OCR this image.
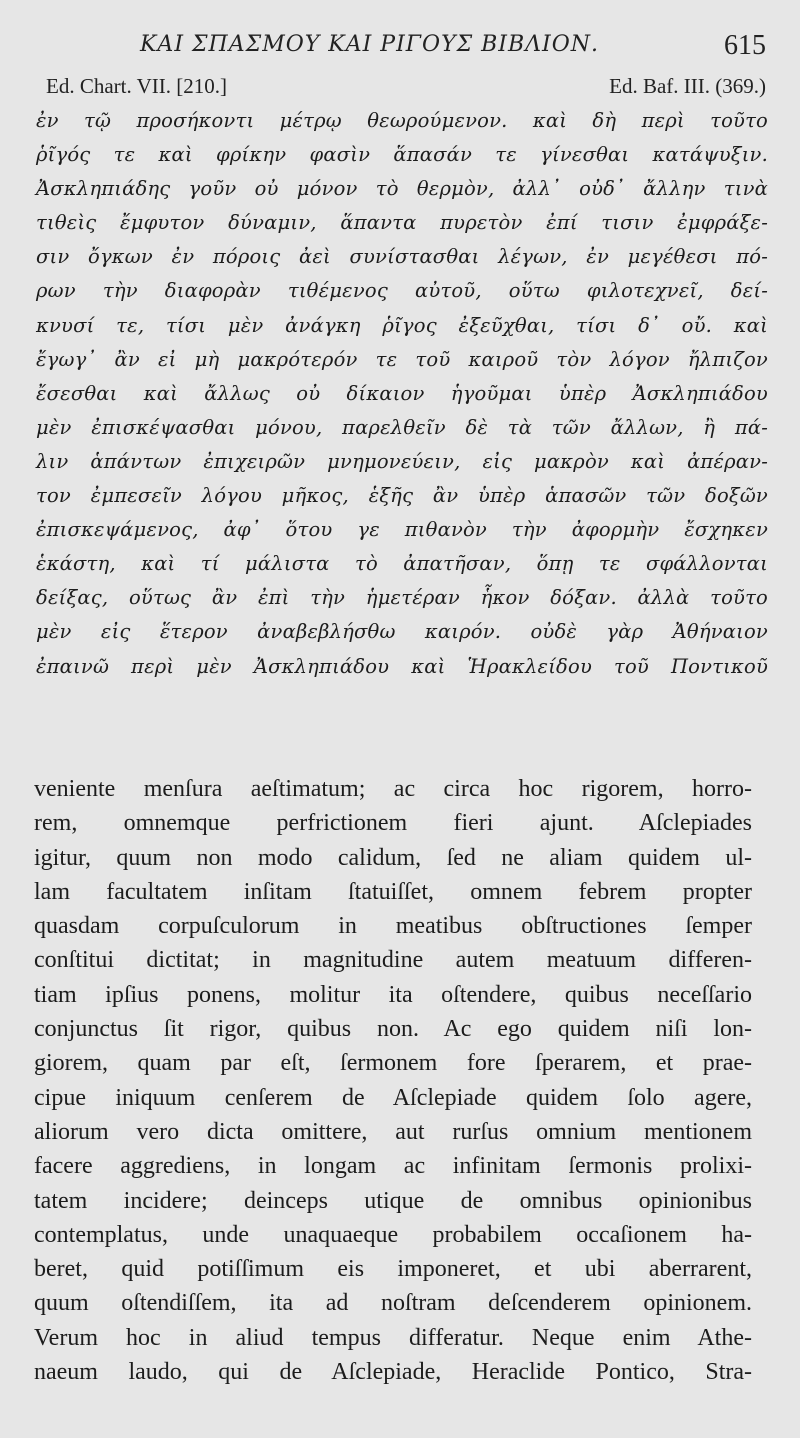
ΚΑΙ ΣΠΑΣΜΟΥ ΚΑΙ ΡΙΓΟΥΣ ΒΙΒΛΙΟΝ.	615
Ed. Chart. VII. [210.]	Ed. Baf. III. (369.)
ἐν τῷ προσήκοντι μέτρῳ θεωρούμενον. καὶ δὴ περὶ τοῦτο
ῥῖγός τε καὶ φρίκην φασὶν ἅπασάν τε γίνεσθαι κατάψυξιν.
Ἀσκληπιάδης γοῦν οὐ μόνον τὸ θερμὸν, ἀλλ᾽ οὐδ᾽ ἄλλην τινὰ
τιθεὶς ἔμφυτον δύναμιν, ἅπαντα πυρετὸν ἐπί τισιν ἐμφράξε-
σιν ὄγκων ἐν πόροις ἀεὶ συνίστασθαι λέγων, ἐν μεγέθεσι πό-
ρων τὴν διαφορὰν τιθέμενος αὐτοῦ, οὕτω φιλοτεχνεῖ, δεί-
κνυσί τε, τίσι μὲν ἀνάγκη ῥῖγος ἐξεῦχθαι, τίσι δ᾽ οὔ. καὶ
ἔγωγ᾽ ἂν εἰ μὴ μακρότερόν τε τοῦ καιροῦ τὸν λόγον ἤλπιζον
ἔσεσθαι καὶ ἄλλως οὐ δίκαιον ἡγοῦμαι ὑπὲρ Ἀσκληπιάδου
μὲν ἐπισκέψασθαι μόνου, παρελθεῖν δὲ τὰ τῶν ἄλλων, ἢ πά-
λιν ἁπάντων ἐπιχειρῶν μνημονεύειν, εἰς μακρὸν καὶ ἀπέραν-
τον ἐμπεσεῖν λόγου μῆκος, ἑξῆς ἂν ὑπὲρ ἁπασῶν τῶν δοξῶν
ἐπισκεψάμενος, ἀφ᾽ ὅτου γε πιθανὸν τὴν ἀφορμὴν ἔσχηκεν
ἑκάστη, καὶ τί μάλιστα τὸ ἀπατῆσαν, ὅπῃ τε σφάλλονται
δείξας, οὕτως ἂν ἐπὶ τὴν ἡμετέραν ἧκον δόξαν. ἀλλὰ τοῦτο
μὲν εἰς ἕτερον ἀναβεβλήσθω καιρόν. οὐδὲ γὰρ Ἀθήναιον
ἐπαινῶ περὶ μὲν Ἀσκληπιάδου καὶ Ἡρακλείδου τοῦ Ποντικοῦ
veniente menſura aeſtimatum; ac circa hoc rigorem, horro-
rem, omnemque perfrictionem fieri ajunt. Aſclepiades
igitur, quum non modo calidum, ſed ne aliam quidem ul-
lam facultatem inſitam ſtatuiſſet, omnem febrem propter
quasdam corpuſculorum in meatibus obſtructiones ſemper
conſtitui dictitat; in magnitudine autem meatuum differen-
tiam ipſius ponens, molitur ita oſtendere, quibus neceſſario
conjunctus ſit rigor, quibus non. Ac ego quidem niſi lon-
giorem, quam par eſt, ſermonem fore ſperarem, et prae-
cipue iniquum cenſerem de Aſclepiade quidem ſolo agere,
aliorum vero dicta omittere, aut rurſus omnium mentionem
facere aggrediens, in longam ac infinitam ſermonis prolixi-
tatem incidere; deinceps utique de omnibus opinionibus
contemplatus, unde unaquaeque probabilem occaſionem ha-
beret, quid potiſſimum eis imponeret, et ubi aberrarent,
quum oſtendiſſem, ita ad noſtram deſcenderem opinionem.
Verum hoc in aliud tempus differatur. Neque enim Athe-
naeum laudo, qui de Aſclepiade, Heraclide Pontico, Stra-
